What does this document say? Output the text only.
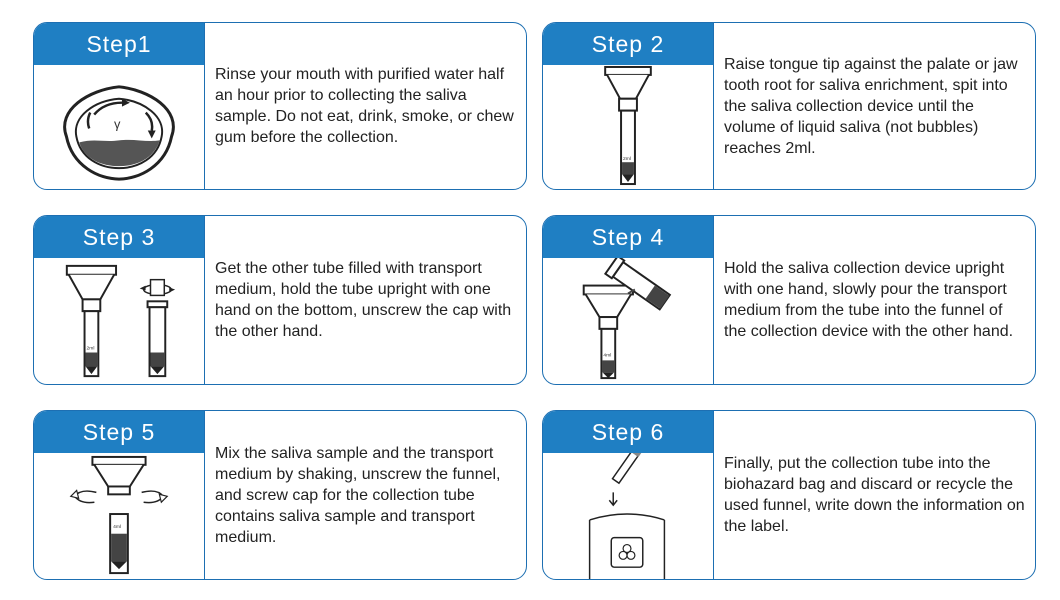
Step1
γ
Rinse your mouth with purified water half an hour prior to collecting the saliva sample. Do not eat, drink, smoke, or chew gum before the collection.
Step 2
2ml
Raise tongue tip against the palate or jaw tooth root for saliva enrichment, spit into the saliva collection device until the volume of liquid saliva (not bubbles) reaches 2ml.
Step 3
2ml
Get the other tube filled with transport medium, hold the tube upright with one hand on the bottom, unscrew the cap with the other hand.
Step 4
4ml
Hold the saliva collection device upright with one hand, slowly pour the transport medium from the tube into the funnel of the collection device with the other hand.
Step 5
4ml
Mix the saliva sample and the transport medium by shaking, unscrew the funnel, and screw cap for the collection tube contains saliva sample and transport medium.
Step 6
Finally, put the collection tube into the biohazard bag and discard or recycle the used funnel, write down the information on the label.
